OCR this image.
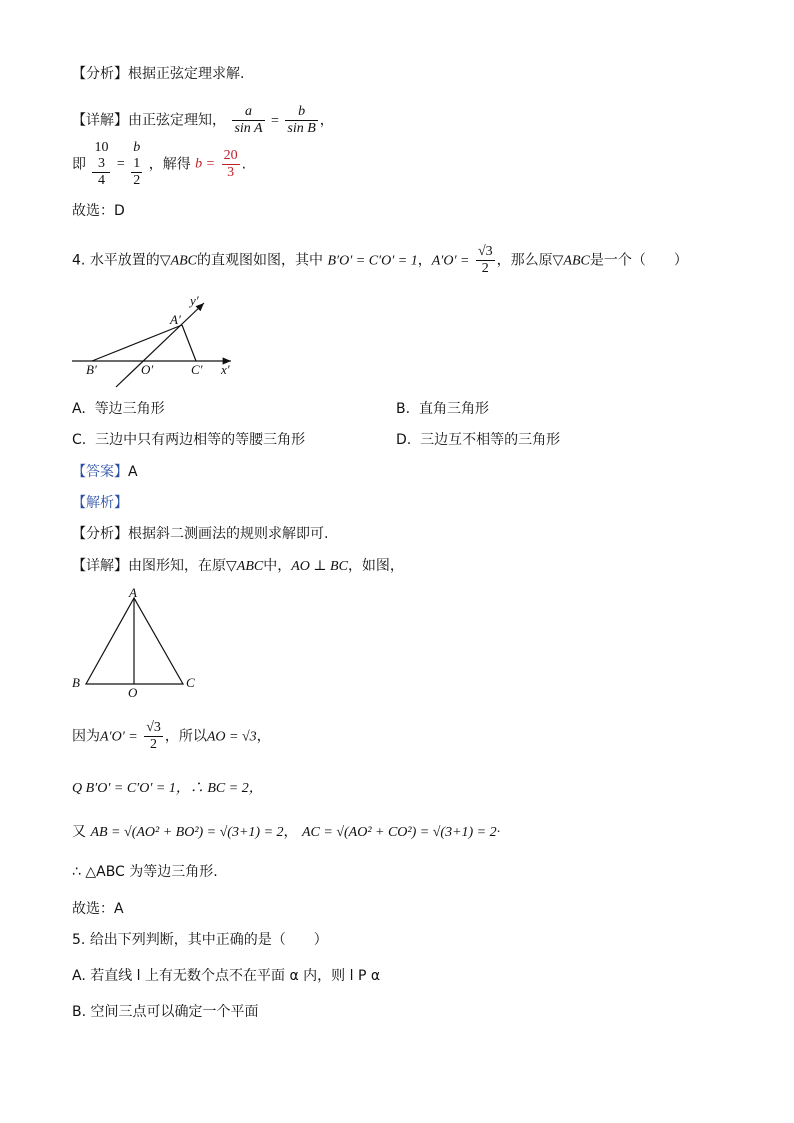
【分析】根据正弦定理求解.
【详解】由正弦定理知， $\frac{a}{\text{sin A}} = \frac{b}{\text{sin B}}$ ，
即
10
3
4
=
b
1
2
，解得 $b = \frac{20}{3}$ .
故选：D
4. 水平放置的▽ABC的直观图如图，其中 B′O′ = C′O′ = 1，$A'O' = \frac{√3}{2}$ ，那么原▽ABC是一个（　　）
A′
B′	O′	C′ x′
y′
A. 等边三角形	B. 直角三角形
C. 三边中只有两边相等的等腰三角形	D. 三边互不相等的三角形
【答案】A
【解析】
【分析】根据斜二测画法的规则求解即可.
【详解】由图形知，在原▽ABC中，AO ⊥ BC，如图，
A
B
O
C
因为$A'O' = \frac{√3}{2}$ ，所以AO = √3，
Q B′O′ = C′O′ = 1，∴ BC = 2，
又 AB = √(AO² + BO²) = √(3+1) = 2， AC = √(AO² + CO²) = √(3+1) = 2·
∴ △ABC 为等边三角形.
故选：A
5. 给出下列判断，其中正确的是（　　）
A. 若直线 l 上有无数个点不在平面 α 内，则 l P α
B. 空间三点可以确定一个平面
